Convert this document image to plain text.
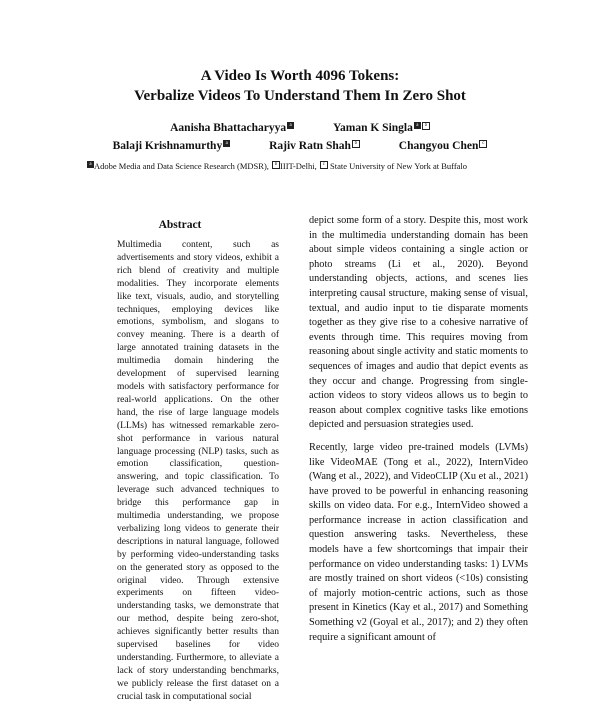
A Video Is Worth 4096 Tokens:
Verbalize Videos To Understand Them In Zero Shot
Aanisha Bhattacharyya a	Yaman K Singla a b
Balaji Krishnamurthy a	Rajiv Ratn Shah b	Changyou Chen c
a Adobe Media and Data Science Research (MDSR), b IIIT-Delhi, c State University of New York at Buffalo
Abstract
Multimedia content, such as advertisements and story videos, exhibit a rich blend of creativity and multiple modalities. They incorporate elements like text, visuals, audio, and storytelling techniques, employing devices like emotions, symbolism, and slogans to convey meaning. There is a dearth of large annotated training datasets in the multimedia domain hindering the development of supervised learning models with satisfactory performance for real-world applications. On the other hand, the rise of large language models (LLMs) has witnessed remarkable zero-shot performance in various natural language processing (NLP) tasks, such as emotion classification, question-answering, and topic classification. To leverage such advanced techniques to bridge this performance gap in multimedia understanding, we propose verbalizing long videos to generate their descriptions in natural language, followed by performing video-understanding tasks on the generated story as opposed to the original video. Through extensive experiments on fifteen video-understanding tasks, we demonstrate that our method, despite being zero-shot, achieves significantly better results than supervised baselines for video understanding. Furthermore, to alleviate a lack of story understanding benchmarks, we publicly release the first dataset on a crucial task in computational social

depict some form of a story. Despite this, most work in the multimedia understanding domain has been about simple videos containing a single action or photo streams (Li et al., 2020). Beyond understanding objects, actions, and scenes lies interpreting causal structure, making sense of visual, textual, and audio input to tie disparate moments together as they give rise to a cohesive narrative of events through time. This requires moving from reasoning about single activity and static moments to sequences of images and audio that depict events as they occur and change. Progressing from single-action videos to story videos allows us to begin to reason about complex cognitive tasks like emotions depicted and persuasion strategies used.

Recently, large video pre-trained models (LVMs) like VideoMAE (Tong et al., 2022), InternVideo (Wang et al., 2022), and VideoCLIP (Xu et al., 2021) have proved to be powerful in enhancing reasoning skills on video data. For e.g., InternVideo showed a performance increase in action classification and question answering tasks. Nevertheless, these models have a few shortcomings that impair their performance on video understanding tasks: 1) LVMs are mostly trained on short videos (<10s) consisting of majorly motion-centric actions, such as those present in Kinetics (Kay et al., 2017) and Something Something v2 (Goyal et al., 2017); and 2) they often require a significant amount of
